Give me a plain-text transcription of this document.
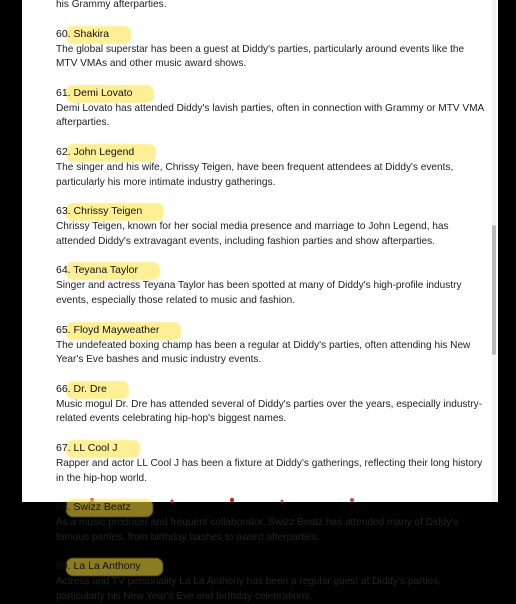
his Grammy afterparties.
60. Shakira

The global superstar has been a guest at Diddy's parties, particularly around events like the MTV VMAs and other music award shows.

61. Demi Lovato

Demi Lovato has attended Diddy's lavish parties, often in connection with Grammy or MTV VMA afterparties.

62. John Legend

The singer and his wife, Chrissy Teigen, have been frequent attendees at Diddy's events, particularly his more intimate industry gatherings.

63. Chrissy Teigen

Chrissy Teigen, known for her social media presence and marriage to John Legend, has attended Diddy's extravagant events, including fashion parties and show afterparties.

64. Teyana Taylor

Singer and actress Teyana Taylor has been spotted at many of Diddy's high-profile industry events, especially those related to music and fashion.

65. Floyd Mayweather

The undefeated boxing champ has been a regular at Diddy's parties, often attending his New Year's Eve bashes and music industry events.

66. Dr. Dre

Music mogul Dr. Dre has attended several of Diddy's parties over the years, especially industry-related events celebrating hip-hop's biggest names.

67. LL Cool J

Rapper and actor LL Cool J has been a fixture at Diddy's gatherings, reflecting their long history in the hip-hop world.

68. Swizz Beatz

As a music producer and frequent collaborator, Swizz Beatz has attended many of Diddy's famous parties, from birthday bashes to award afterparties.

69. La La Anthony

Actress and TV personality La La Anthony has been a regular guest at Diddy's parties, particularly his New Year's Eve and birthday celebrations.
